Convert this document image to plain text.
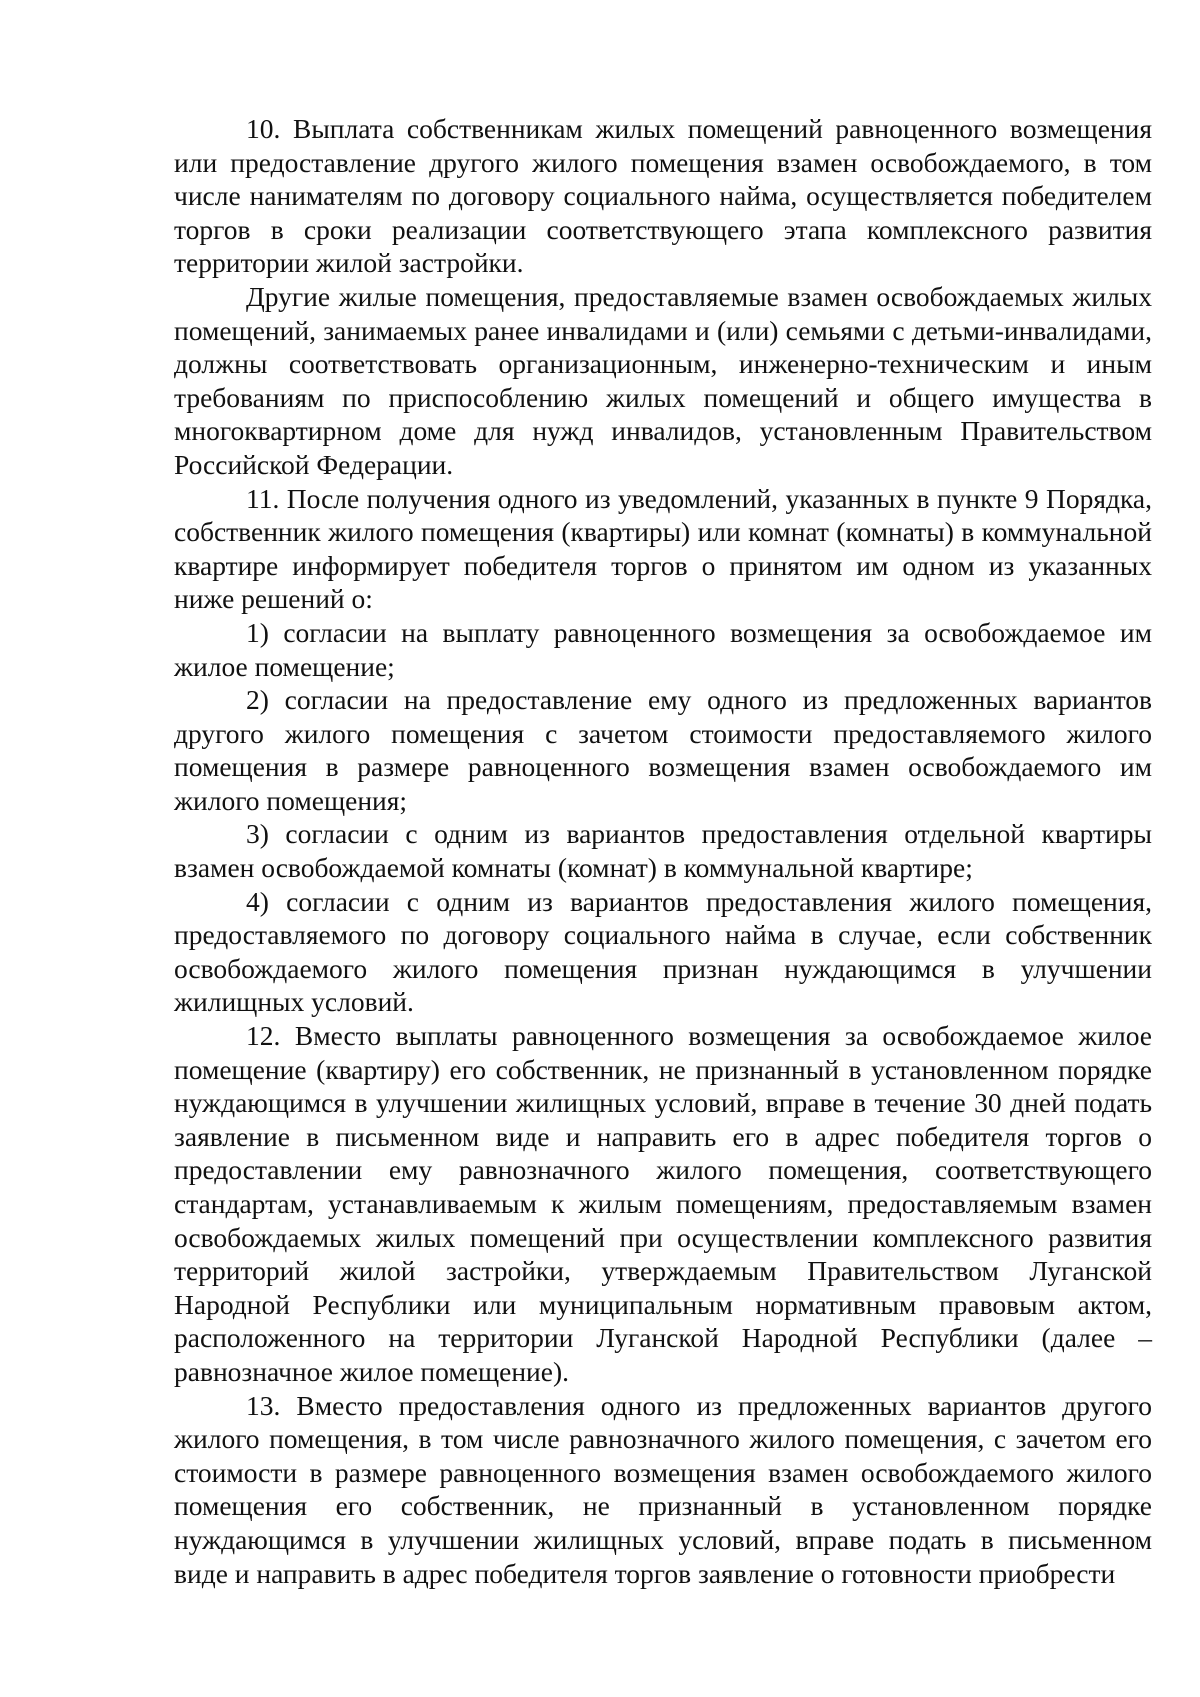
10. Выплата собственникам жилых помещений равноценного возмещения или предоставление другого жилого помещения взамен освобождаемого, в том числе нанимателям по договору социального найма, осуществляется победителем торгов в сроки реализации соответствующего этапа комплексного развития территории жилой застройки.

Другие жилые помещения, предоставляемые взамен освобождаемых жилых помещений, занимаемых ранее инвалидами и (или) семьями с детьми-инвалидами, должны соответствовать организационным, инженерно-техническим и иным требованиям по приспособлению жилых помещений и общего имущества в многоквартирном доме для нужд инвалидов, установленным Правительством Российской Федерации.

11. После получения одного из уведомлений, указанных в пункте 9 Порядка, собственник жилого помещения (квартиры) или комнат (комнаты) в коммунальной квартире информирует победителя торгов о принятом им одном из указанных ниже решений о:

1) согласии на выплату равноценного возмещения за освобождаемое им жилое помещение;

2) согласии на предоставление ему одного из предложенных вариантов другого жилого помещения с зачетом стоимости предоставляемого жилого помещения в размере равноценного возмещения взамен освобождаемого им жилого помещения;

3) согласии с одним из вариантов предоставления отдельной квартиры взамен освобождаемой комнаты (комнат) в коммунальной квартире;

4) согласии с одним из вариантов предоставления жилого помещения, предоставляемого по договору социального найма в случае, если собственник освобождаемого жилого помещения признан нуждающимся в улучшении жилищных условий.

12. Вместо выплаты равноценного возмещения за освобождаемое жилое помещение (квартиру) его собственник, не признанный в установленном порядке нуждающимся в улучшении жилищных условий, вправе в течение 30 дней подать заявление в письменном виде и направить его в адрес победителя торгов о предоставлении ему равнозначного жилого помещения, соответствующего стандартам, устанавливаемым к жилым помещениям, предоставляемым взамен освобождаемых жилых помещений при осуществлении комплексного развития территорий жилой застройки, утверждаемым Правительством Луганской Народной Республики или муниципальным нормативным правовым актом, расположенного на территории Луганской Народной Республики (далее – равнозначное жилое помещение).

13. Вместо предоставления одного из предложенных вариантов другого жилого помещения, в том числе равнозначного жилого помещения, с зачетом его стоимости в размере равноценного возмещения взамен освобождаемого жилого помещения его собственник, не признанный в установленном порядке нуждающимся в улучшении жилищных условий, вправе подать в письменном виде и направить в адрес победителя торгов заявление о готовности приобрести
